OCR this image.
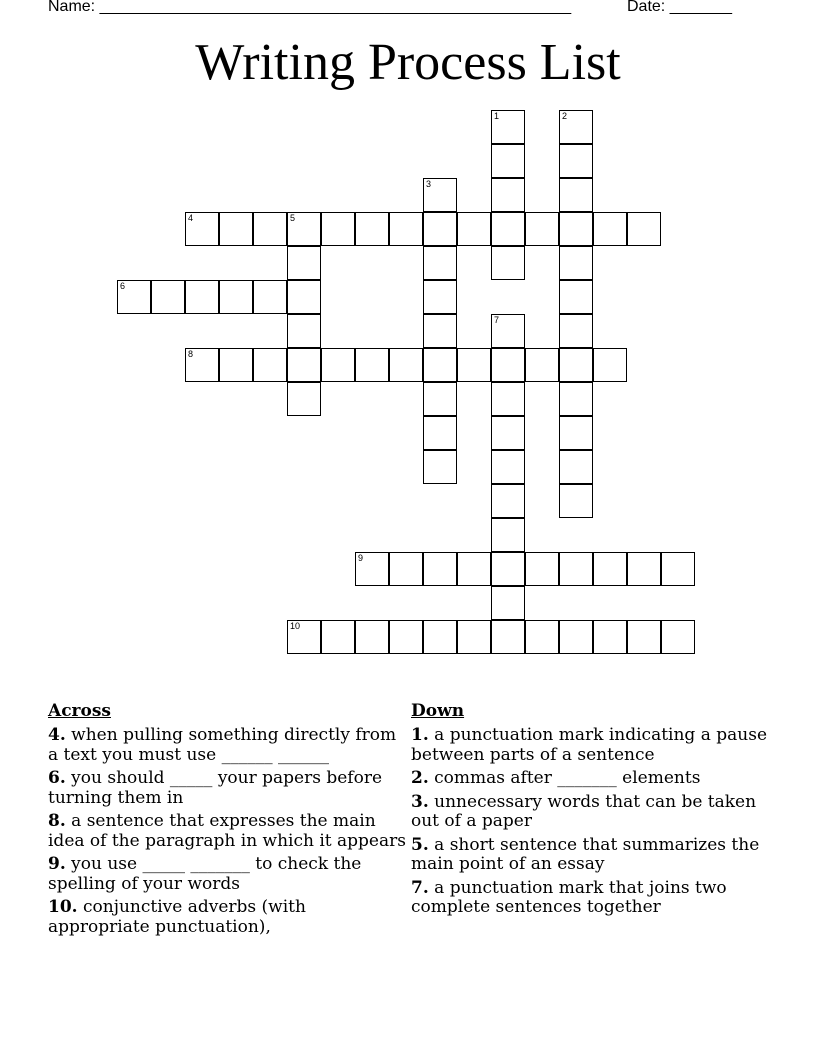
Name: _____________________________________________________	Date: _______
Writing Process List
1	2
3
4	5
6
7
8
9
10
Across
4. when pulling something directly from a text you must use ______ ______
6. you should _____ your papers before turning them in
8. a sentence that expresses the main idea of the paragraph in which it appears
9. you use _____ _______ to check the spelling of your words
10. conjunctive adverbs (with appropriate punctuation),
Down
1. a punctuation mark indicating a pause between parts of a sentence
2. commas after _______ elements
3. unnecessary words that can be taken out of a paper
5. a short sentence that summarizes the main point of an essay
7. a punctuation mark that joins two complete sentences together
